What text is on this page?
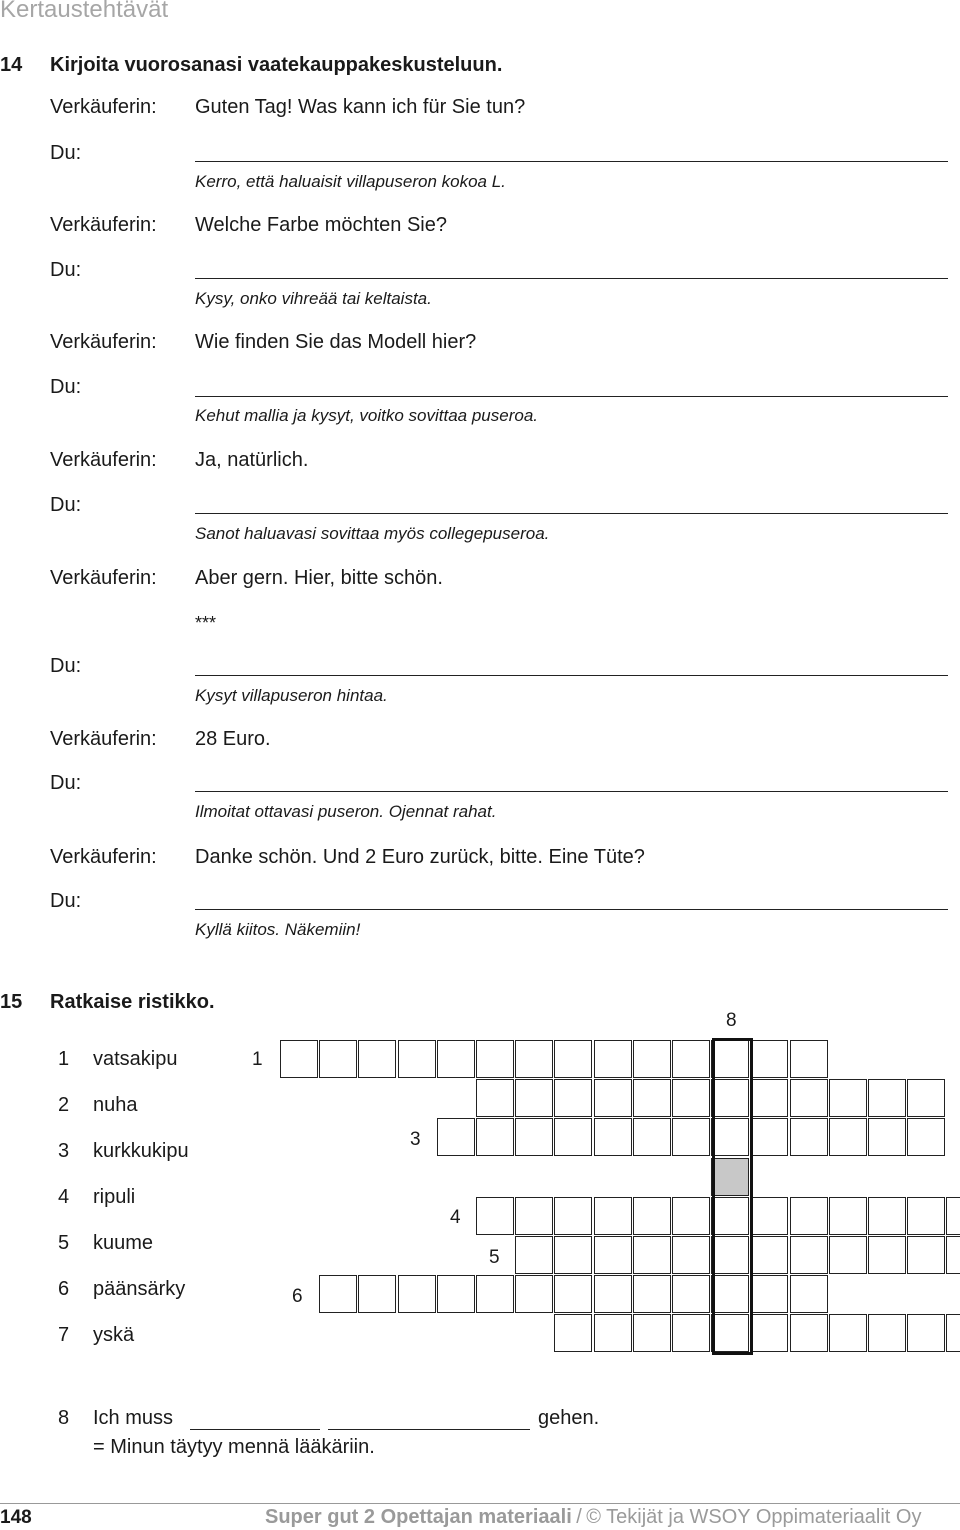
Kertaustehtävät
14 Kirjoita vuorosanasi vaatekauppakeskusteluun.
Verkäuferin: Guten Tag! Was kann ich für Sie tun?
Du:
Kerro, että haluaisit villapuseron kokoa L.
Verkäuferin: Welche Farbe möchten Sie?
Du:
Kysy, onko vihreää tai keltaista.
Verkäuferin: Wie finden Sie das Modell hier?
Du:
Kehut mallia ja kysyt, voitko sovittaa puseroa.
Verkäuferin: Ja, natürlich.
Du:
Sanot haluavasi sovittaa myös collegepuseroa.
Verkäuferin: Aber gern. Hier, bitte schön.
***
Du:
Kysyt villapuseron hintaa.
Verkäuferin: 28 Euro.
Du:
Ilmoitat ottavasi puseron. Ojennat rahat.
Verkäuferin: Danke schön. Und 2 Euro zurück, bitte. Eine Tüte?
Du:
Kyllä kiitos. Näkemiin!
15 Ratkaise ristikko.
1 vatsakipu
2 nuha
3 kurkkukipu
4 ripuli
5 kuume
6 päänsärky
7 yskä
1
3
4
5
6
8
8 Ich muss	gehen.
= Minun täytyy mennä lääkäriin.
148	Super gut 2 Opettajan materiaali / © Tekijät ja WSOY Oppimateriaalit Oy
